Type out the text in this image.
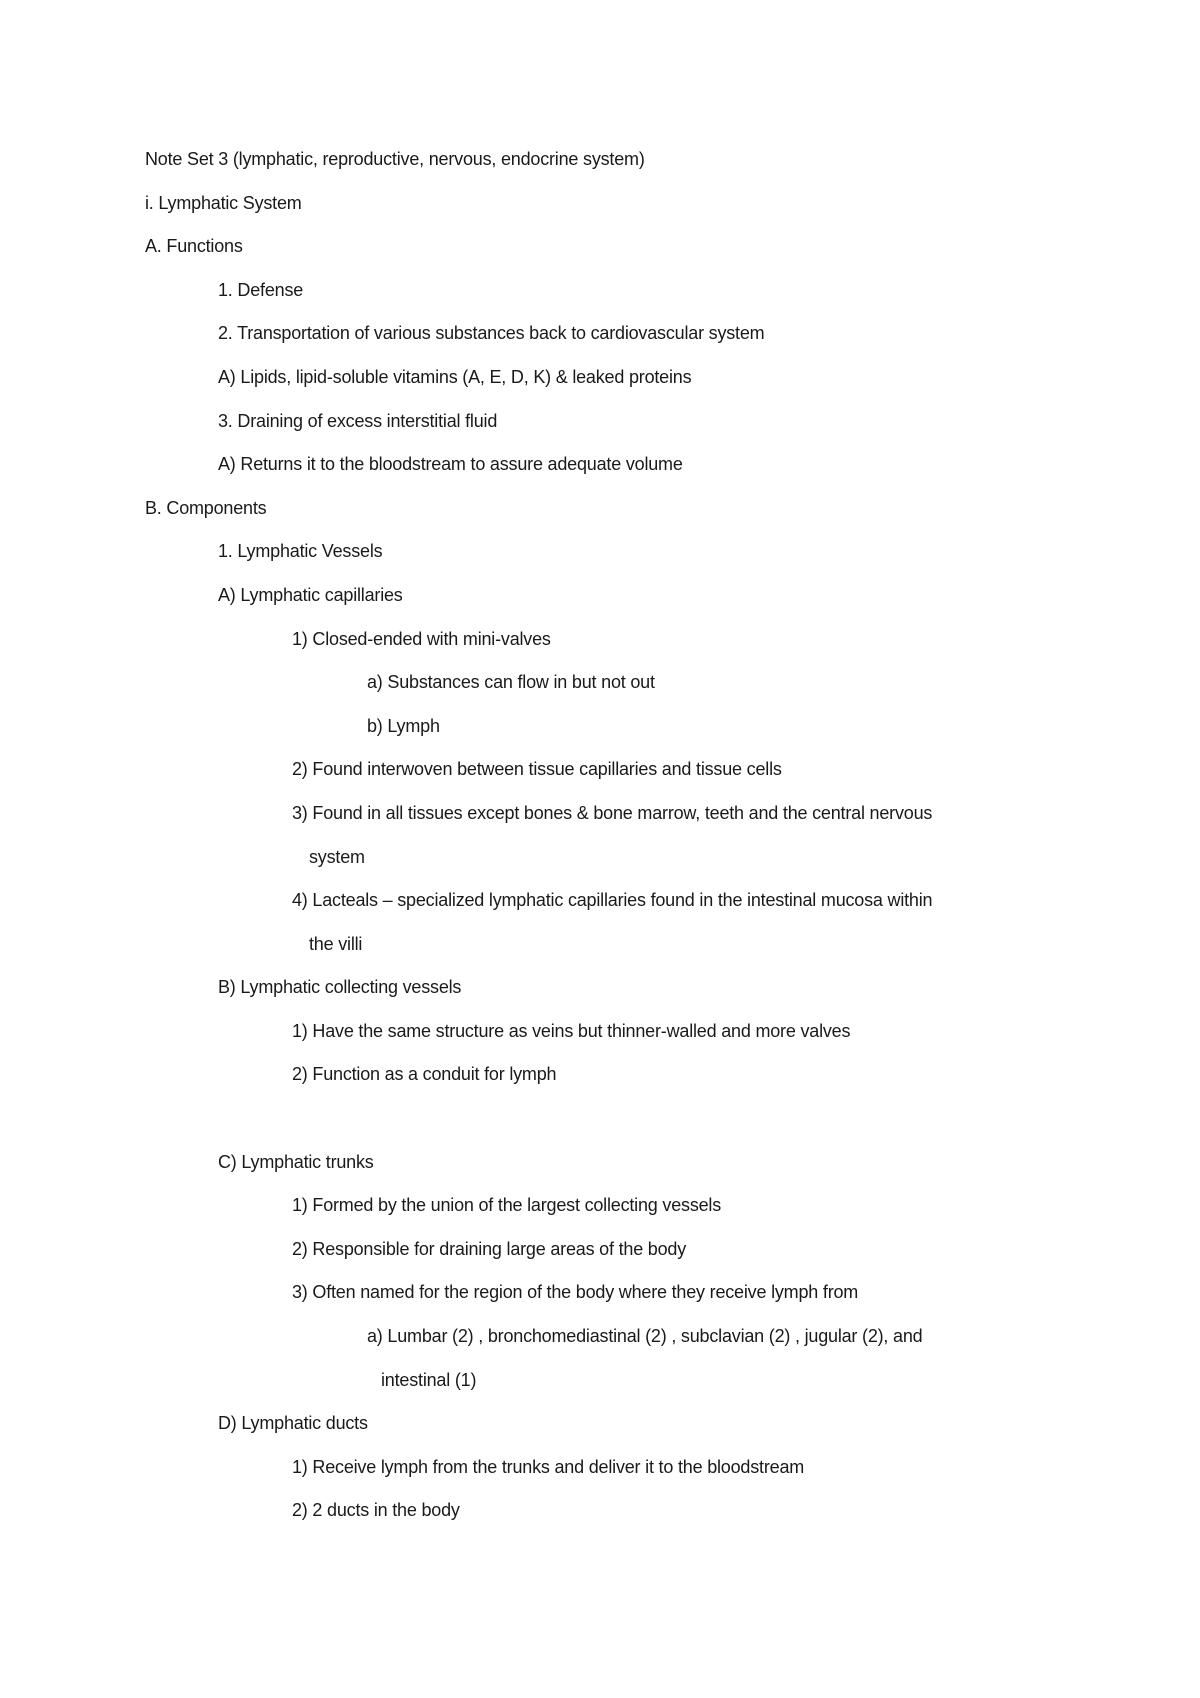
Note Set 3 (lymphatic, reproductive, nervous, endocrine system)
i. Lymphatic System
A. Functions
1. Defense
2. Transportation of various substances back to cardiovascular system
A) Lipids, lipid-soluble vitamins (A, E, D, K) & leaked proteins
3. Draining of excess interstitial fluid
A) Returns it to the bloodstream to assure adequate volume
B. Components
1. Lymphatic Vessels
A) Lymphatic capillaries
1) Closed-ended with mini-valves
a) Substances can flow in but not out
b) Lymph
2) Found interwoven between tissue capillaries and tissue cells
3) Found in all tissues except bones & bone marrow, teeth and the central nervous
system
4) Lacteals – specialized lymphatic capillaries found in the intestinal mucosa within
the villi
B) Lymphatic collecting vessels
1) Have the same structure as veins but thinner-walled and more valves
2) Function as a conduit for lymph
C) Lymphatic trunks
1) Formed by the union of the largest collecting vessels
2) Responsible for draining large areas of the body
3) Often named for the region of the body where they receive lymph from
a) Lumbar (2) , bronchomediastinal (2) , subclavian (2) , jugular (2), and
intestinal (1)
D) Lymphatic ducts
1) Receive lymph from the trunks and deliver it to the bloodstream
2) 2 ducts in the body
